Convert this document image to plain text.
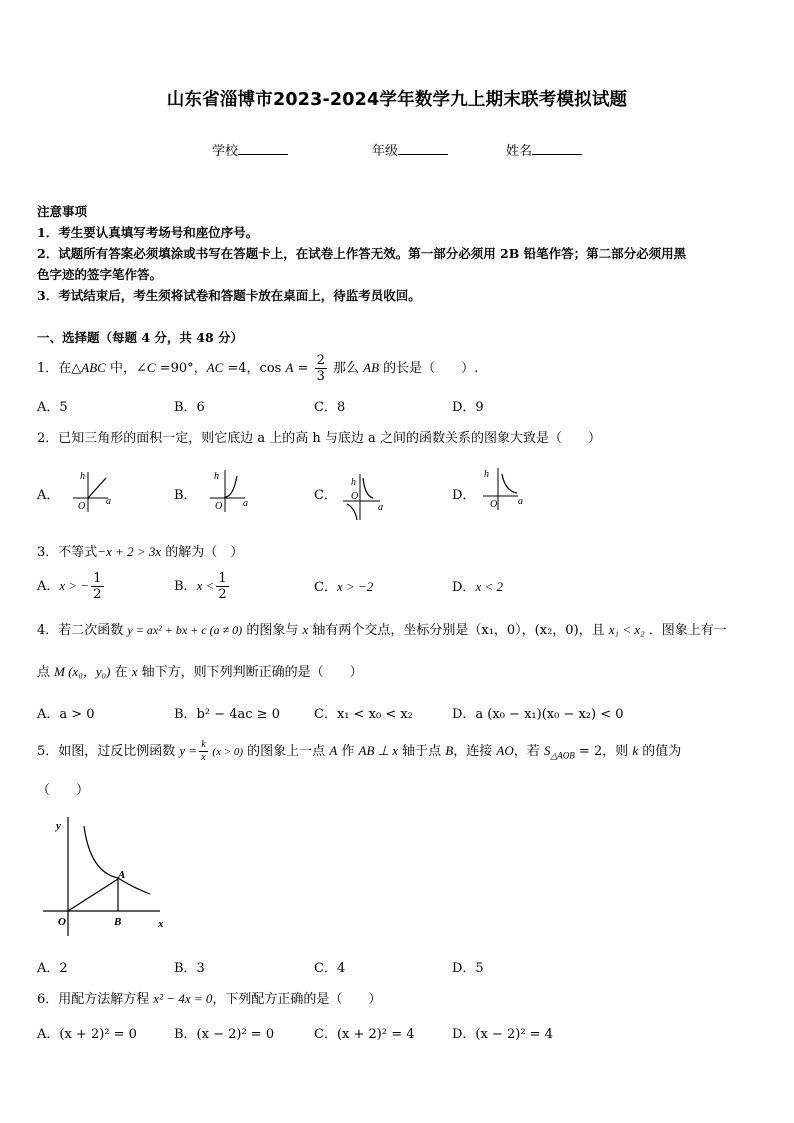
山东省淄博市2023-2024学年数学九上期末联考模拟试题
学校	年级	姓名
注意事项
1．考生要认真填写考场号和座位序号。
2．试题所有答案必须填涂或书写在答题卡上，在试卷上作答无效。第一部分必须用 2B 铅笔作答；第二部分必须用黑
色字迹的签字笔作答。
3．考试结束后，考生须将试卷和答题卡放在桌面上，待监考员收回。
一、选择题（每题 4 分，共 48 分）
1．在△ABC 中，∠C =90°，AC =4，$\cos A = \frac{2}{3}$ 那么 AB 的长是（　　）.
A．5	B．6	C．8	D．9
2．已知三角形的面积一定，则它底边 a 上的高 h 与底边 a 之间的函数关系的图象大致是（　　）
A．
h
a
O
B．
h
a
O
C．
h
a
O	D．
h
a
O
3．不等式−x + 2 > 3x 的解为（　）
A．x > − $\frac{1}{2}$	B．$x < \frac{1}{2}$	C．x > −2	D．x < 2
4．若二次函数 y = ax² + bx + c (a ≠ 0) 的图象与 x 轴有两个交点，坐标分别是（x₁，0），(x₂，0)，且 x₁ < x₂ ．图象上有一
点 M (x₀，y₀) 在 x 轴下方，则下列判断正确的是（　　）
A．a > 0	B．b² − 4ac ≥ 0	C．x₁ < x₀ < x₂	D．a (x₀ − x₁)(x₀ − x₂) < 0
5．如图，过反比例函数 $y = \frac{k}{x} (x > 0)$ 的图象上一点 A 作 AB ⊥ x 轴于点 B，连接 AO，若 $S_{\triangle AOB} = 2$，则 k 的值为
（　　）
y
x
O
A
B
A．2	B．3	C．4	D．5
6．用配方法解方程 x² − 4x = 0，下列配方正确的是（　　）
A．(x + 2)² = 0	B．(x − 2)² = 0	C．(x + 2)² = 4	D．(x − 2)² = 4
